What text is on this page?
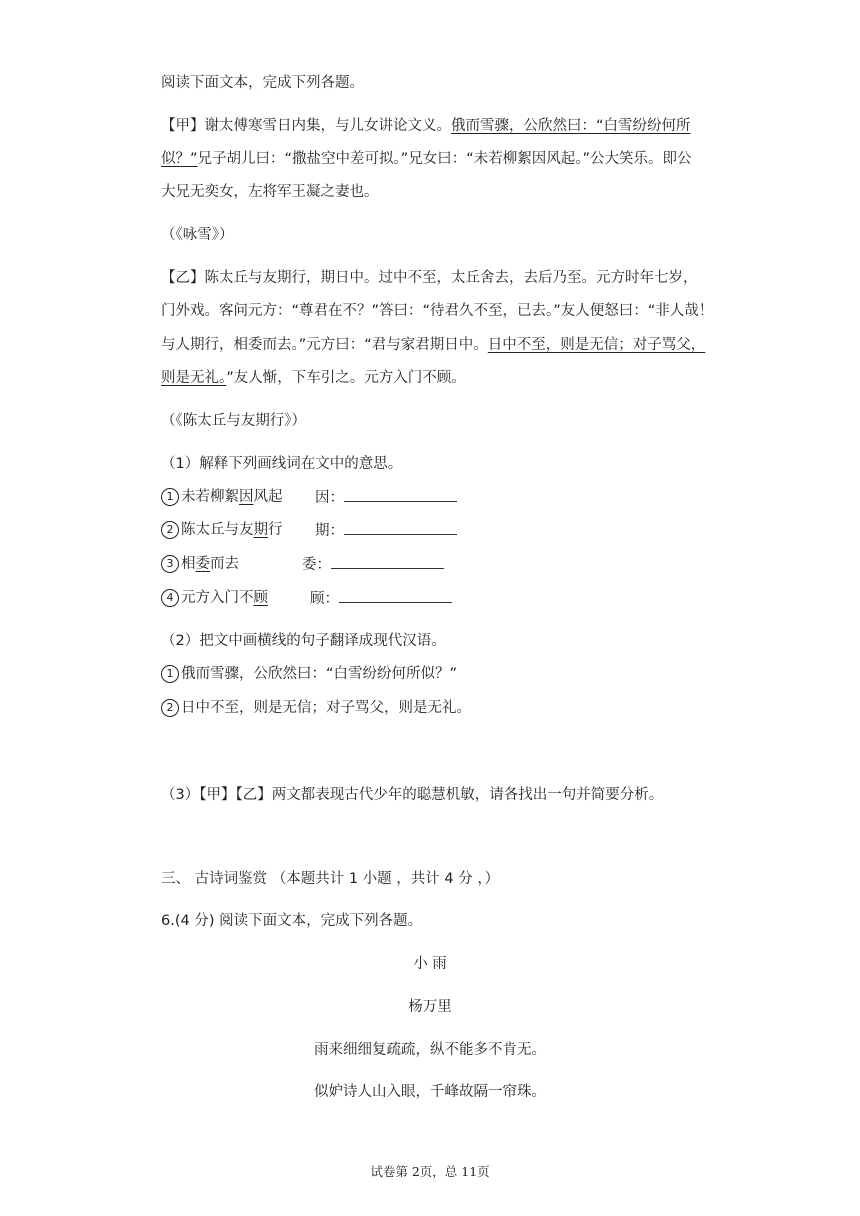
阅读下面文本，完成下列各题。
【甲】谢太傅寒雪日内集，与儿女讲论文义。俄而雪骤，公欣然曰：“白雪纷纷何所
似？”兄子胡儿曰：“撒盐空中差可拟。”兄女曰：“未若柳絮因风起。”公大笑乐。即公
大兄无奕女，左将军王凝之妻也。
（《咏雪》）
【乙】陈太丘与友期行，期日中。过中不至，太丘舍去，去后乃至。元方时年七岁，
门外戏。客问元方：“尊君在不？”答曰：“待君久不至，已去。”友人便怒曰：“非人哉！
与人期行，相委而去。”元方曰：“君与家君期日中。日中不至，则是无信；对子骂父，
则是无礼。”友人惭，下车引之。元方入门不顾。
（《陈太丘与友期行》）
（1）解释下列画线词在文中的意思。
1 未若柳絮因风起 因：
2 陈太丘与友期行 期：
3 相委而去	委：
4 元方入门不顾	顾：
（2）把文中画横线的句子翻译成现代汉语。
1 俄而雪骤，公欣然曰：“白雪纷纷何所似？”
2 日中不至，则是无信；对子骂父，则是无礼。
（3）【甲】【乙】两文都表现古代少年的聪慧机敏，请各找出一句并简要分析。
三、 古诗词鉴赏 （本题共计 1 小题 ，共计 4 分 ，）
6.(4 分) 阅读下面文本，完成下列各题。
小 雨
杨万里
雨来细细复疏疏，纵不能多不肯无。
似妒诗人山入眼，千峰故隔一帘珠。
试卷第 2页，总 11页
